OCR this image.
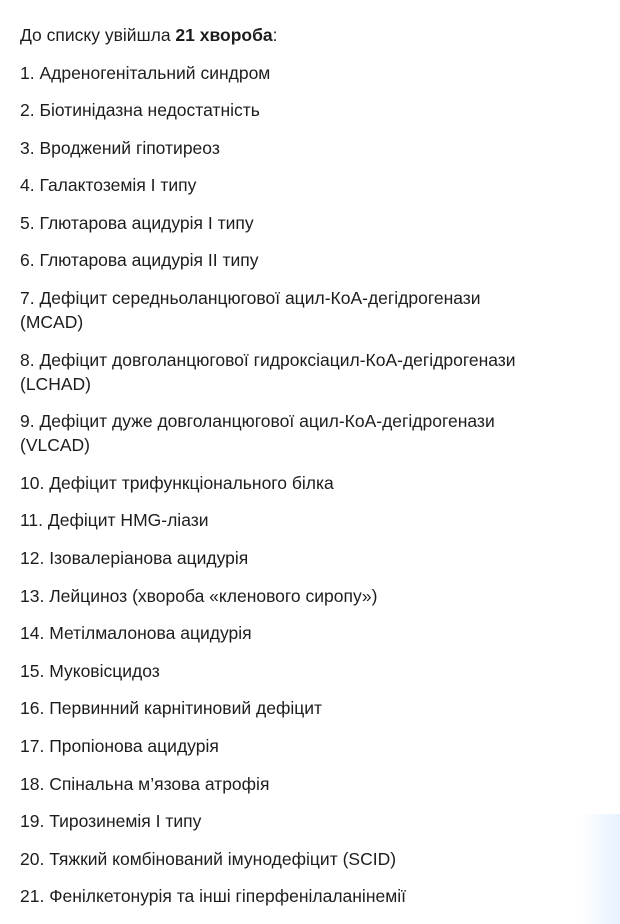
До списку увійшла 21 хвороба:

1. Адреногенітальний синдром
2. Біотинідазна недостатність
3. Вроджений гіпотиреоз
4. Галактоземія I типу
5. Глютарова ацидурія I типу
6. Глютарова ацидурія II типу
7. Дефіцит середньоланцюгової ацил-КоА-дегідрогенази (MCAD)
8. Дефіцит довголанцюгової гидроксіацил-КоА-дегідрогенази (LCHAD)
9. Дефіцит дуже довголанцюгової ацил-КоА-дегідрогенази (VLCAD)
10. Дефіцит трифункціонального білка
11. Дефіцит HMG-ліази
12. Ізовалеріанова ацидурія
13. Лейциноз (хвороба «кленового сиропу»)
14. Метілмалонова ацидурія
15. Муковісцидоз
16. Первинний карнітиновий дефіцит
17. Пропіонова ацидурія
18. Спінальна м’язова атрофія
19. Тирозинемія I типу
20. Тяжкий комбінований імунодефіцит (SCID)
21. Фенілкетонурія та інші гіперфенілаланінемії
